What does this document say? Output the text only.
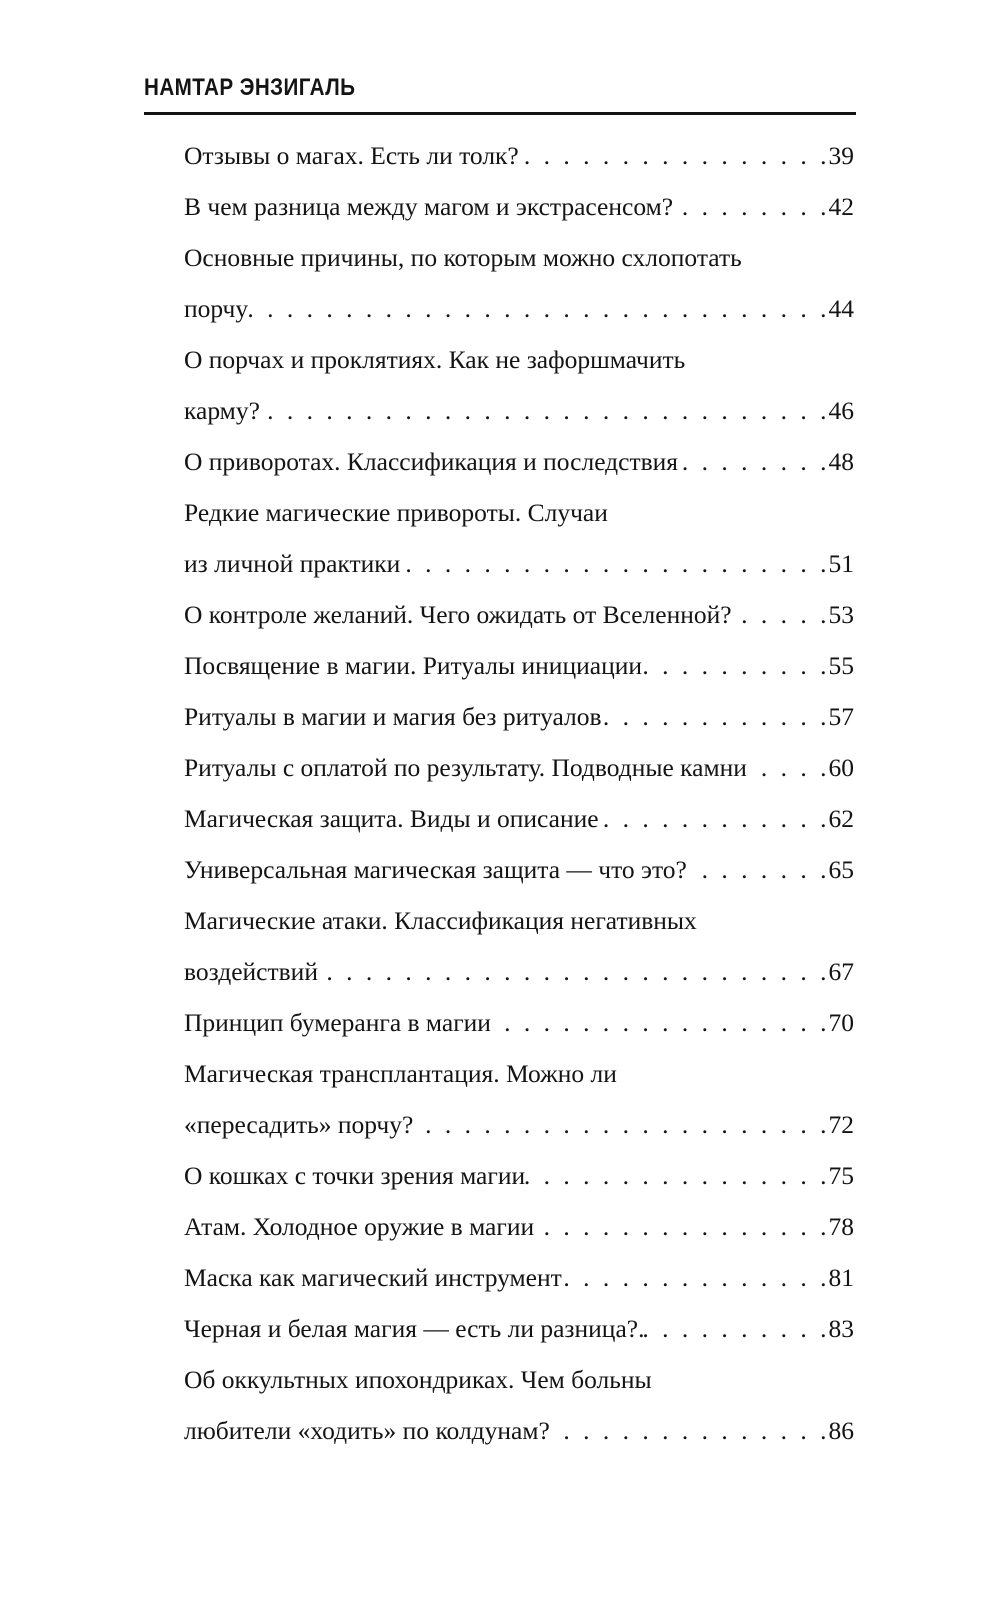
НАМТАР ЭНЗИГАЛЬ
Отзывы о магах. Есть ли толк? . . .	39
В чем разница между магом и экстрасенсом? . . .	42
Основные причины, по которым можно схлопотать
порчу . . .	44
О порчах и проклятиях. Как не зафоршмачить
карму? . . .	46
О приворотах. Классификация и последствия . . .	48
Редкие магические привороты. Случаи
из личной практики . . .	51
О контроле желаний. Чего ожидать от Вселенной? . . .	53
Посвящение в магии. Ритуалы инициации . . .	55
Ритуалы в магии и магия без ритуалов . . .	57
Ритуалы с оплатой по результату. Подводные камни . . .	60
Магическая защита. Виды и описание . . .	62
Универсальная магическая защита — что это? . . .	65
Магические атаки. Классификация негативных
воздействий . . .	67
Принцип бумеранга в магии . . .	70
Магическая трансплантация. Можно ли
«пересадить» порчу? . . .	72
О кошках с точки зрения магии . . .	75
Атам. Холодное оружие в магии . . .	78
Маска как магический инструмент . . .	81
Черная и белая магия — есть ли разница?. . . .	83
Об оккультных ипохондриках. Чем больны
любители «ходить» по колдунам? . . .	86
